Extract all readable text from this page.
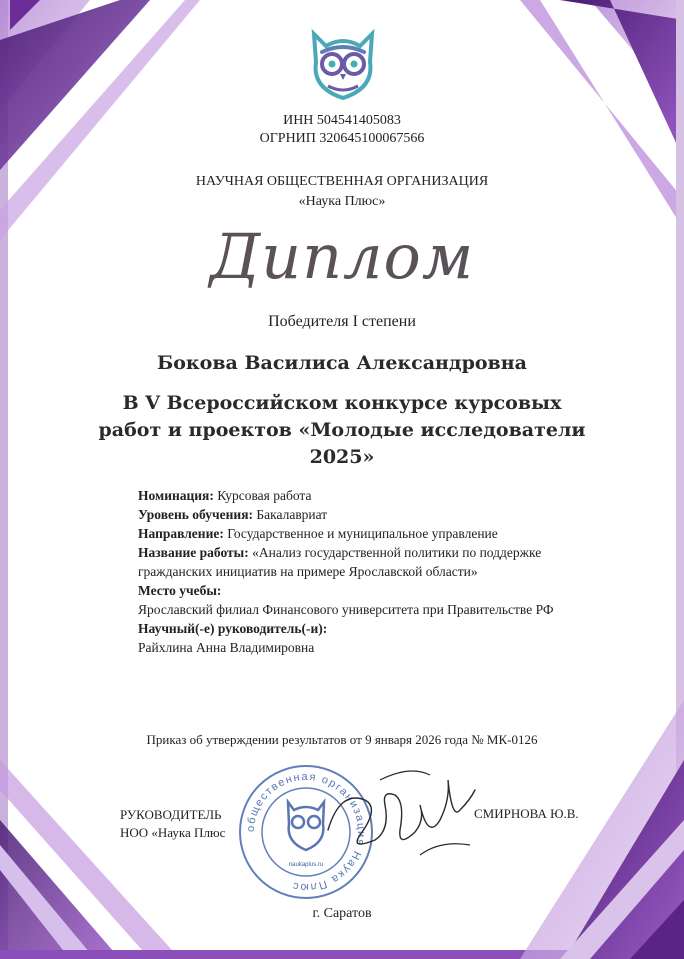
ИНН 504541405083
ОГРНИП 320645100067566
НАУЧНАЯ ОБЩЕСТВЕННАЯ ОРГАНИЗАЦИЯ
«Наука Плюс»
Диплом
Победителя I степени
Бокова Василиса Александровна
В V Всероссийском конкурсе курсовых работ и проектов «Молодые исследователи 2025»

Номинация: Курсовая работа

Уровень обучения: Бакалавриат

Направление: Государственное и муниципальное управление

Название работы: «Анализ государственной политики по поддержке гражданских инициатив на примере Ярославской области»

Место учебы:

Ярославский филиал Финансового университета при Правительстве РФ

Научный(-е) руководитель(-и):

Райхлина Анна Владимировна

Приказ об утверждении результатов от 9 января 2026 года № МК-0126
РУКОВОДИТЕЛЬ
НОО «Наука Плюс общественная организация Наука Плюс
naukaplus.ru
СМИРНОВА Ю.В.
г. Саратов
